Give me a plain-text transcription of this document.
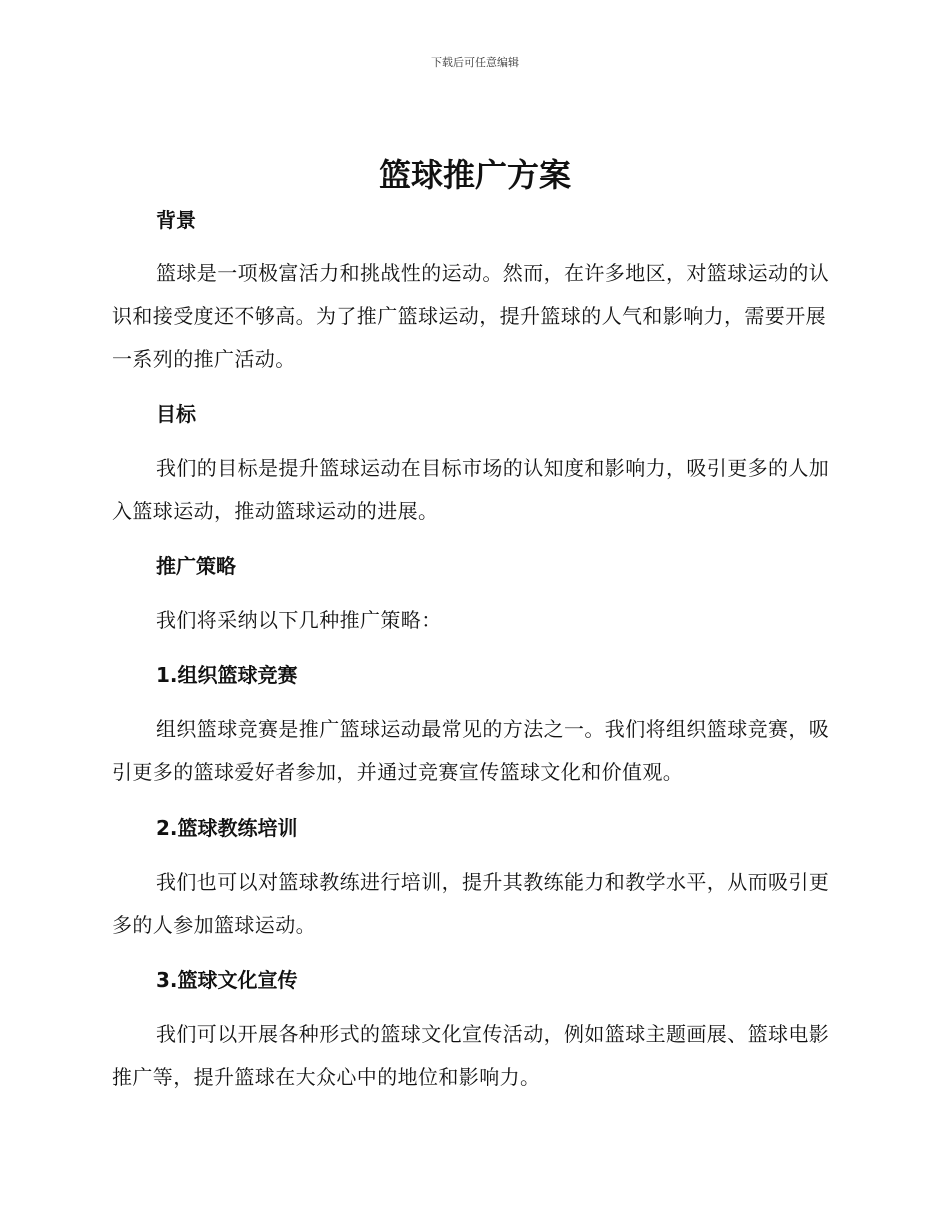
下载后可任意编辑
篮球推广方案
背景

篮球是一项极富活力和挑战性的运动。然而，在许多地区，对篮球运动的认识和接受度还不够高。为了推广篮球运动，提升篮球的人气和影响力，需要开展一系列的推广活动。

目标

我们的目标是提升篮球运动在目标市场的认知度和影响力，吸引更多的人加入篮球运动，推动篮球运动的进展。

推广策略

我们将采纳以下几种推广策略：

1.组织篮球竞赛

组织篮球竞赛是推广篮球运动最常见的方法之一。我们将组织篮球竞赛，吸引更多的篮球爱好者参加，并通过竞赛宣传篮球文化和价值观。

2.篮球教练培训

我们也可以对篮球教练进行培训，提升其教练能力和教学水平，从而吸引更多的人参加篮球运动。

3.篮球文化宣传

我们可以开展各种形式的篮球文化宣传活动，例如篮球主题画展、篮球电影推广等，提升篮球在大众心中的地位和影响力。
